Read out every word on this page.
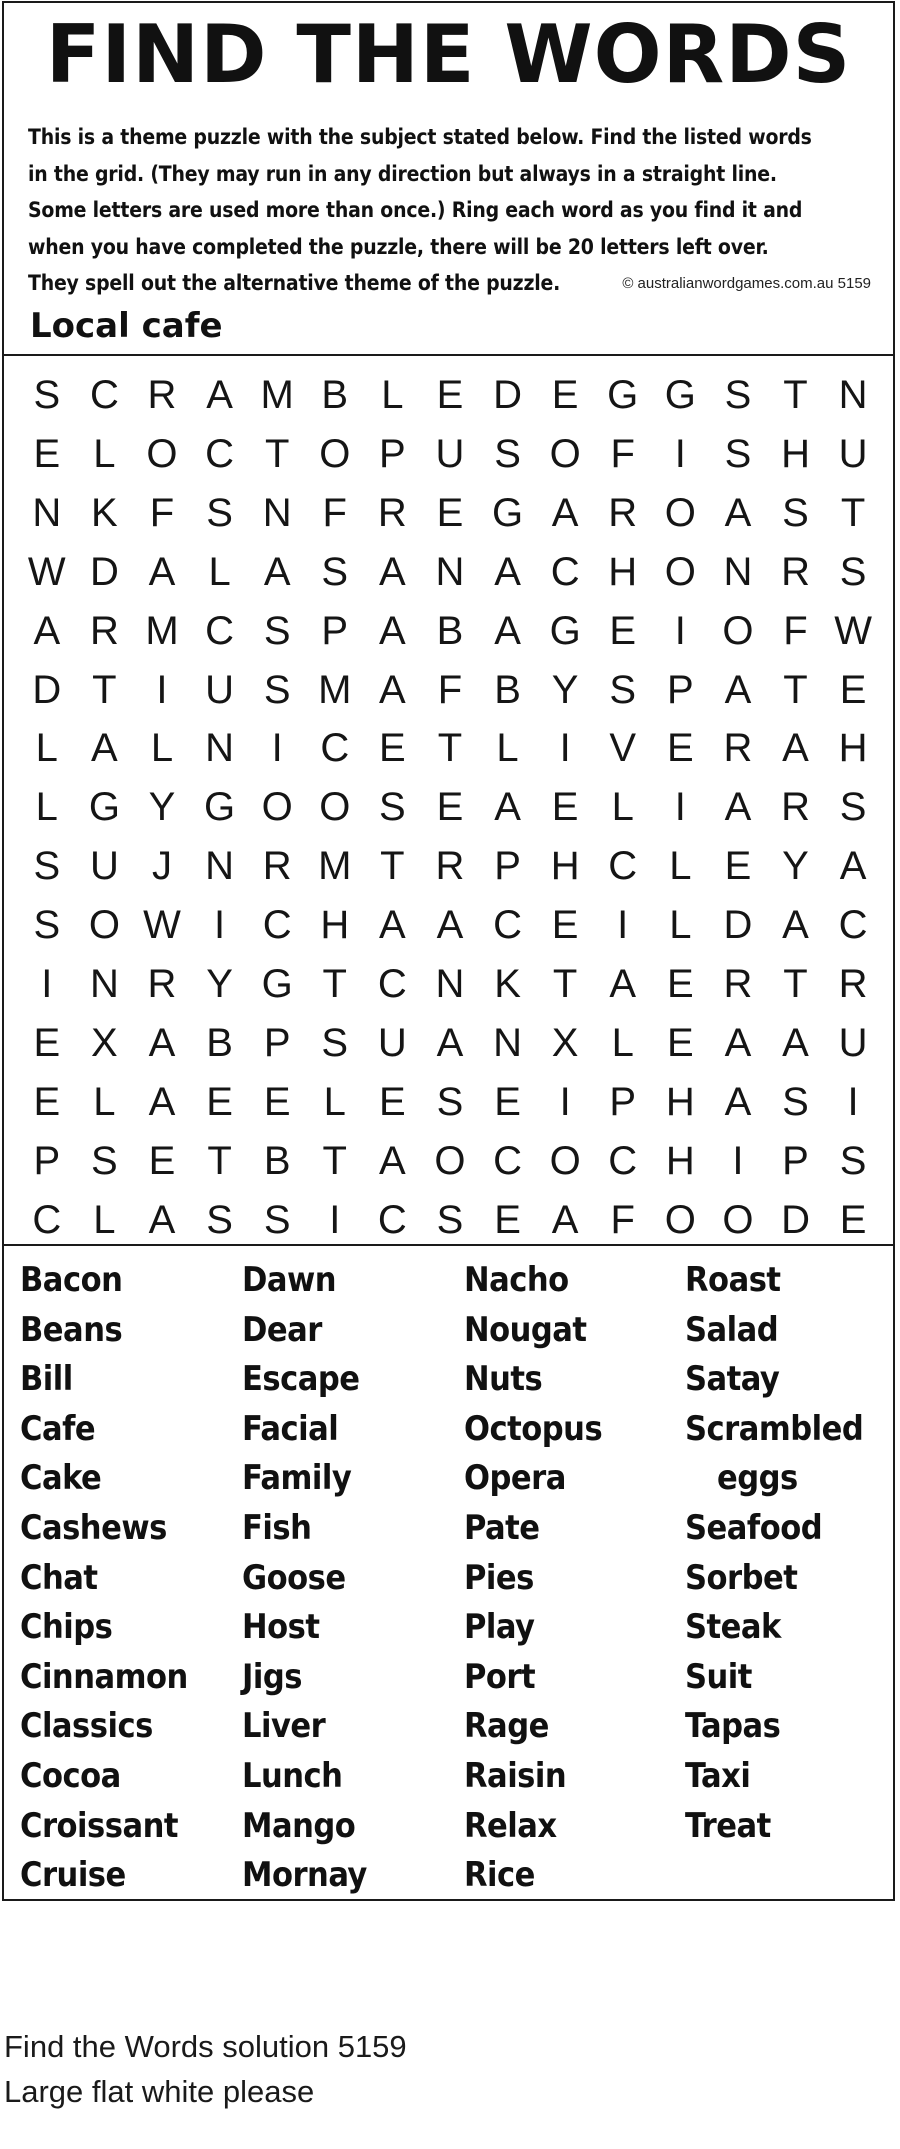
FIND THE WORDS
This is a theme puzzle with the subject stated below. Find the listed words
in the grid. (They may run in any direction but always in a straight line.
Some letters are used more than once.) Ring each word as you find it and
when you have completed the puzzle, there will be 20 letters left over.
They spell out the alternative theme of the puzzle.	© australianwordgames.com.au 5159
Local cafe
S C R A M B L E D E G G S T N
E L O C T O P U S O F I S H U
N K F S N F R E G A R O A S T
W D A L A S A N A C H O N R S
A R M C S P A B A G E I O F W
D T I U S M A F B Y S P A T E
L A L N I C E T L	I V E R A H
L G Y G O O S E A E L	I A R S
S U J N R M T R P H C L E Y A
S O W I C H A A C E I	L D A C
I N R Y G T C N K T A E R T R
E X A B P S U A N X L E A A U
E L A E E L E S E I P H A S I
P S E T B T A O C O C H I P S
C L A S S I C S E A F O O D E
Bacon
Beans
Bill
Cafe
Cake
Cashews
Chat
Chips
Cinnamon
Classics
Cocoa
Croissant
Cruise
Dawn
Dear
Escape
Facial
Family
Fish
Goose
Host
Jigs
Liver
Lunch
Mango
Mornay
Nacho
Nougat
Nuts
Octopus
Opera
Pate
Pies
Play
Port
Rage
Raisin
Relax
Rice
Roast
Salad
Satay
Scrambled
eggs
Seafood
Sorbet
Steak
Suit
Tapas
Taxi
Treat
Find the Words solution 5159
Large flat white please
